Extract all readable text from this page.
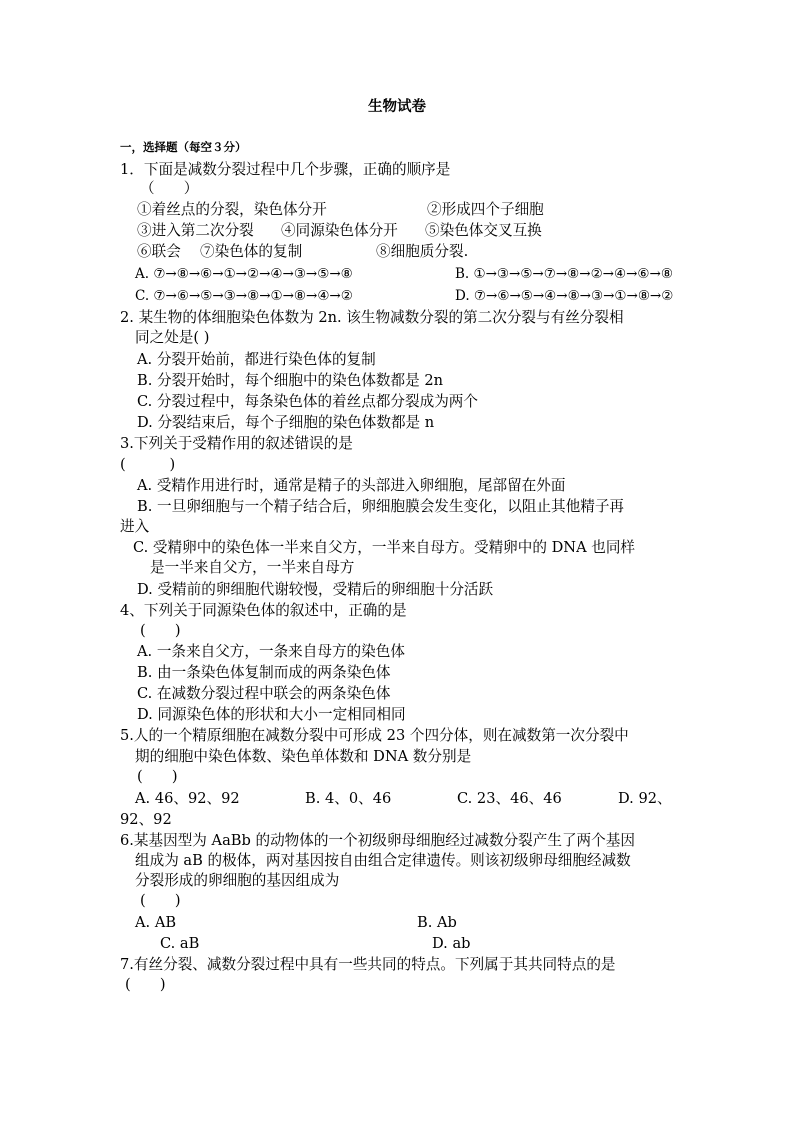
生物试卷
一，选择题（每空３分）
1．下面是减数分裂过程中几个步骤，正确的顺序是
（　　）
①着丝点的分裂，染色体分开	②形成四个子细胞
③进入第二次分裂 ④同源染色体分开 ⑤染色体交叉互换
⑥联会 ⑦染色体的复制	⑧细胞质分裂.
A. ⑦→⑧→⑥→①→②→④→③→⑤→⑧	B. ①→③→⑤→⑦→⑧→②→④→⑥→⑧
C. ⑦→⑥→⑤→③→⑧→①→⑧→④→②	D. ⑦→⑥→⑤→④→⑧→③→①→⑧→②
2. 某生物的体细胞染色体数为 2n. 该生物减数分裂的第二次分裂与有丝分裂相
同之处是( )
A. 分裂开始前，都进行染色体的复制
B. 分裂开始时，每个细胞中的染色体数都是 2n
C. 分裂过程中，每条染色体的着丝点都分裂成为两个
D. 分裂结束后，每个子细胞的染色体数都是 n
3.下列关于受精作用的叙述错误的是
(　　　)
A. 受精作用进行时，通常是精子的头部进入卵细胞，尾部留在外面
B. 一旦卵细胞与一个精子结合后，卵细胞膜会发生变化，以阻止其他精子再
进入
C. 受精卵中的染色体一半来自父方，一半来自母方。受精卵中的 DNA 也同样
是一半来自父方，一半来自母方
D. 受精前的卵细胞代谢较慢，受精后的卵细胞十分活跃
4、下列关于同源染色体的叙述中，正确的是
(　　)
A. 一条来自父方，一条来自母方的染色体
B. 由一条染色体复制而成的两条染色体
C. 在减数分裂过程中联会的两条染色体
D. 同源染色体的形状和大小一定相同相同
5.人的一个精原细胞在减数分裂中可形成 23 个四分体，则在减数第一次分裂中
期的细胞中染色体数、染色单体数和 DNA 数分别是
(　　)
A. 46、92、92	B. 4、0、46	C. 23、46、46	D. 92、
92、92
6.某基因型为 AaBb 的动物体的一个初级卵母细胞经过减数分裂产生了两个基因
组成为 aB 的极体，两对基因按自由组合定律遗传。则该初级卵母细胞经减数
分裂形成的卵细胞的基因组成为
(　　)
A. AB	B. Ab
C. aB	D. ab
7.有丝分裂、减数分裂过程中具有一些共同的特点。下列属于其共同特点的是
(　　)
